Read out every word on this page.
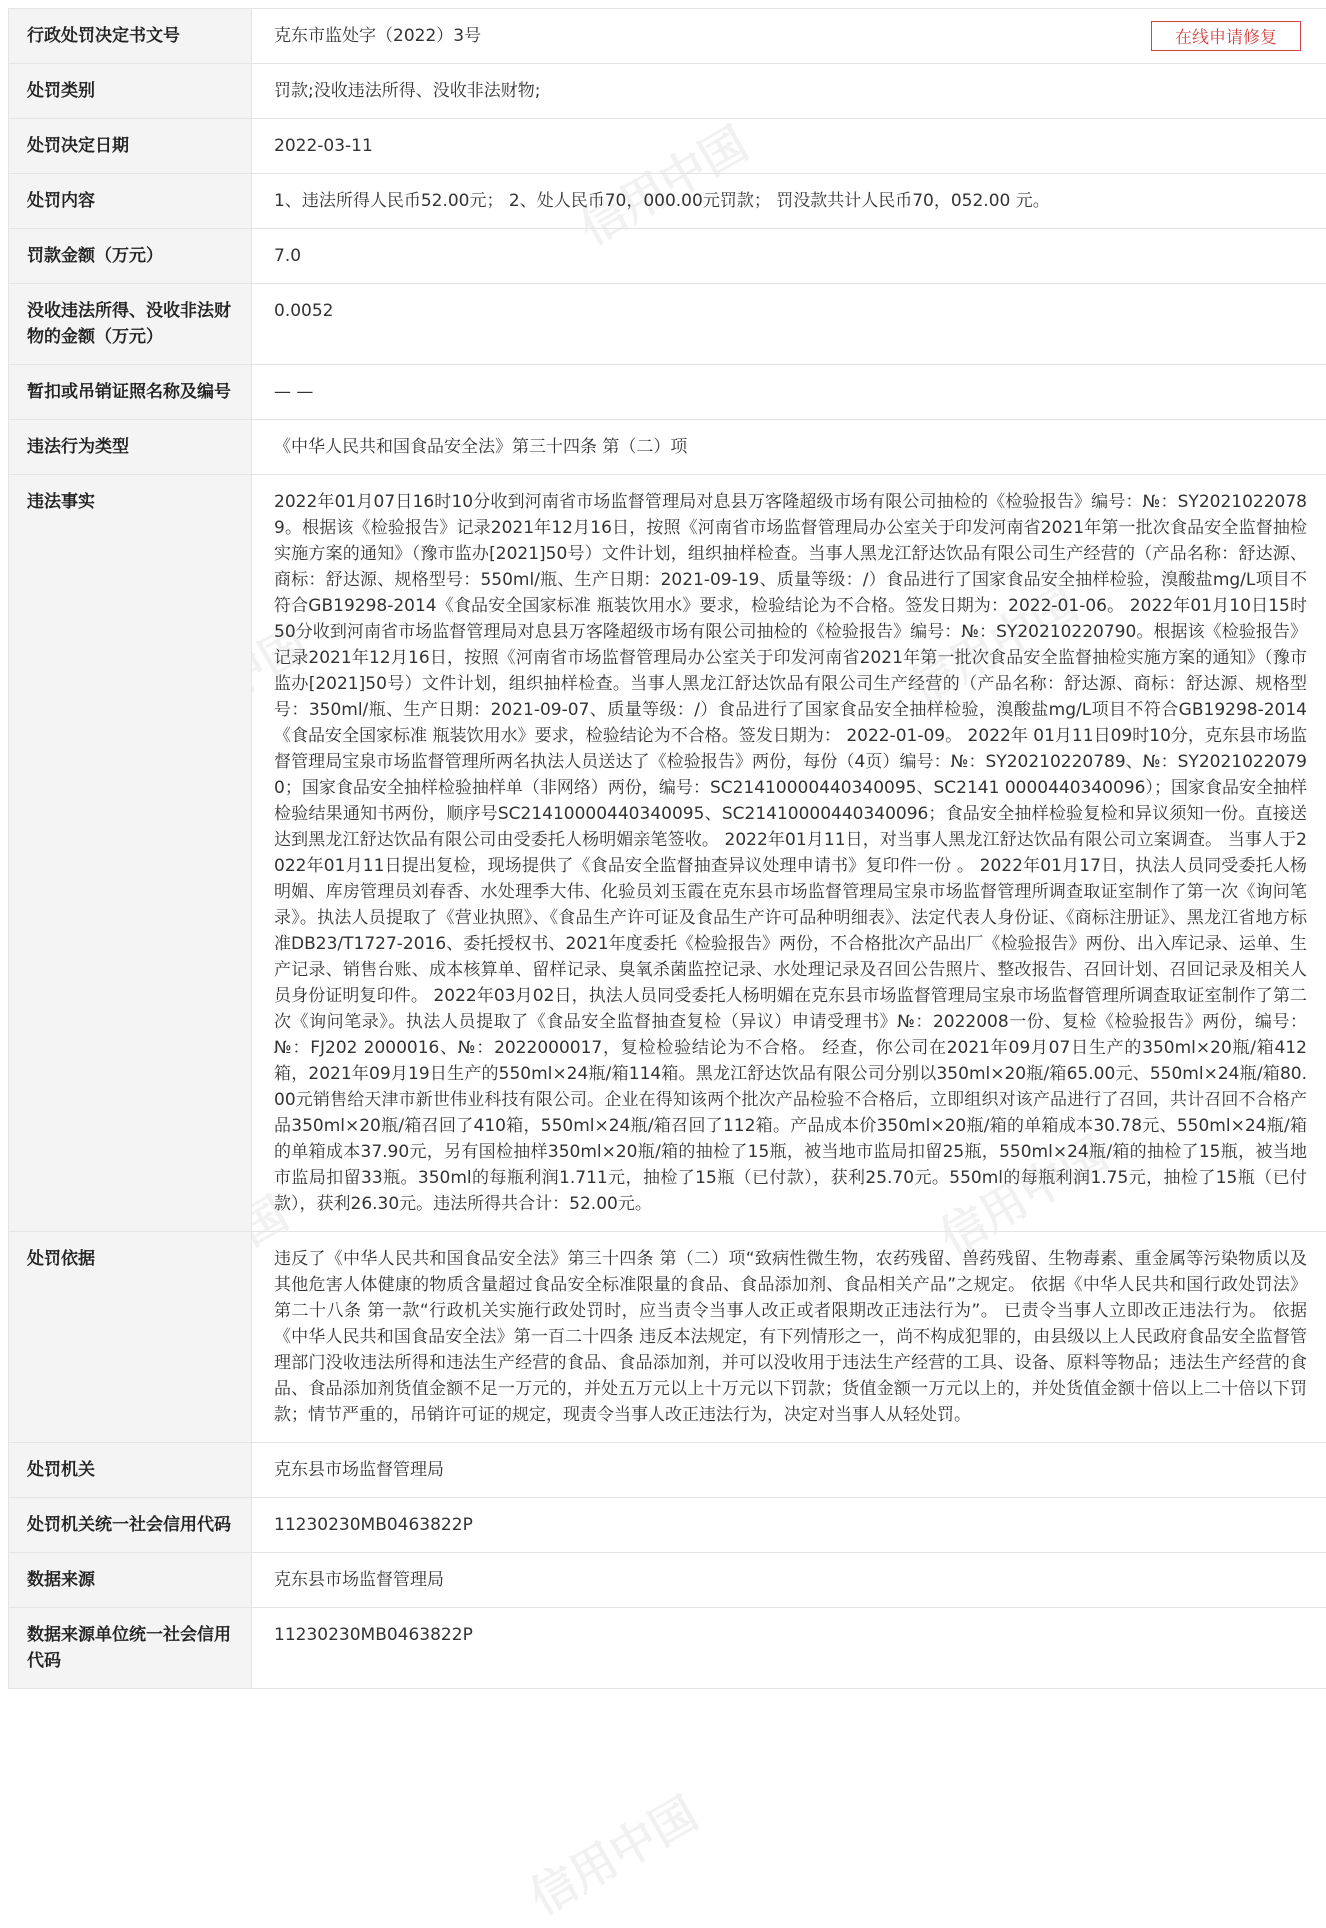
信用中国
信用中国
信用中国
信用中国
行政处罚决定书文号	克东市监处字（2022）3号 在线申请修复

处罚类别	罚款;没收违法所得、没收非法财物;
处罚决定日期	2022-03-11
处罚内容	1、违法所得人民币52.00元； 2、处人民币70，000.00元罚款； 罚没款共计人民币70，052.00 元。
罚款金额（万元）	7.0
没收违法所得、没收非法财物的金额（万元）	0.0052
暂扣或吊销证照名称及编号	— —
违法行为类型	《中华人民共和国食品安全法》第三十四条 第（二）项
违法事实	2022年01月07日16时10分收到河南省市场监督管理局对息县万客隆超级市场有限公司抽检的《检验报告》编号：№：SY20210220789。根据该《检验报告》记录2021年12月16日，按照《河南省市场监督管理局办公室关于印发河南省2021年第一批次食品安全监督抽检实施方案的通知》（豫市监办[2021]50号）文件计划，组织抽样检查。当事人黑龙江舒达饮品有限公司生产经营的（产品名称：舒达源、商标：舒达源、规格型号：550ml/瓶、生产日期：2021-09-19、质量等级：/）食品进行了国家食品安全抽样检验，溴酸盐mg/L项目不符合GB19298-2014《食品安全国家标准 瓶装饮用水》要求，检验结论为不合格。签发日期为：2022-01-06。 2022年01月10日15时50分收到河南省市场监督管理局对息县万客隆超级市场有限公司抽检的《检验报告》编号：№：SY20210220790。根据该《检验报告》记录2021年12月16日，按照《河南省市场监督管理局办公室关于印发河南省2021年第一批次食品安全监督抽检实施方案的通知》（豫市监办[2021]50号）文件计划，组织抽样检查。当事人黑龙江舒达饮品有限公司生产经营的（产品名称：舒达源、商标：舒达源、规格型号：350ml/瓶、生产日期：2021-09-07、质量等级：/）食品进行了国家食品安全抽样检验，溴酸盐mg/L项目不符合GB19298-2014《食品安全国家标准 瓶装饮用水》要求，检验结论为不合格。签发日期为： 2022-01-09。 2022年 01月11日09时10分，克东县市场监督管理局宝泉市场监督管理所两名执法人员送达了《检验报告》两份，每份（4页）编号：№：SY20210220789、№：SY20210220790；国家食品安全抽样检验抽样单（非网络）两份，编号：SC21410000440340095、SC2141 0000440340096）；国家食品安全抽样检验结果通知书两份，顺序号SC21410000440340095、SC21410000440340096；食品安全抽样检验复检和异议须知一份。直接送达到黑龙江舒达饮品有限公司由受委托人杨明媚亲笔签收。 2022年01月11日，对当事人黑龙江舒达饮品有限公司立案调查。 当事人于2022年01月11日提出复检，现场提供了《食品安全监督抽查异议处理申请书》复印件一份 。 2022年01月17日，执法人员同受委托人杨明媚、库房管理员刘春香、水处理季大伟、化验员刘玉霞在克东县市场监督管理局宝泉市场监督管理所调查取证室制作了第一次《询问笔录》。执法人员提取了《营业执照》、《食品生产许可证及食品生产许可品种明细表》、法定代表人身份证、《商标注册证》、黑龙江省地方标准DB23/T1727-2016、委托授权书、2021年度委托《检验报告》两份，不合格批次产品出厂《检验报告》两份、出入库记录、运单、生产记录、销售台账、成本核算单、留样记录、臭氧杀菌监控记录、水处理记录及召回公告照片、整改报告、召回计划、召回记录及相关人员身份证明复印件。 2022年03月02日，执法人员同受委托人杨明媚在克东县市场监督管理局宝泉市场监督管理所调查取证室制作了第二次《询问笔录》。执法人员提取了《食品安全监督抽查复检（异议）申请受理书》№：2022008一份、复检《检验报告》两份，编号：№：FJ202 2000016、№：2022000017，复检检验结论为不合格。 经查，你公司在2021年09月07日生产的350ml×20瓶/箱412箱，2021年09月19日生产的550ml×24瓶/箱114箱。黑龙江舒达饮品有限公司分别以350ml×20瓶/箱65.00元、550ml×24瓶/箱80.00元销售给天津市新世伟业科技有限公司。企业在得知该两个批次产品检验不合格后，立即组织对该产品进行了召回，共计召回不合格产品350ml×20瓶/箱召回了410箱，550ml×24瓶/箱召回了112箱。产品成本价350ml×20瓶/箱的单箱成本30.78元、550ml×24瓶/箱的单箱成本37.90元，另有国检抽样350ml×20瓶/箱的抽检了15瓶，被当地市监局扣留25瓶，550ml×24瓶/箱的抽检了15瓶，被当地市监局扣留33瓶。350ml的每瓶利润1.711元，抽检了15瓶（已付款），获利25.70元。550ml的每瓶利润1.75元，抽检了15瓶（已付款），获利26.30元。违法所得共合计：52.00元。
处罚依据	违反了《中华人民共和国食品安全法》第三十四条 第（二）项“致病性微生物，农药残留、兽药残留、生物毒素、重金属等污染物质以及其他危害人体健康的物质含量超过食品安全标准限量的食品、食品添加剂、食品相关产品”之规定。 依据《中华人民共和国行政处罚法》第二十八条 第一款“行政机关实施行政处罚时，应当责令当事人改正或者限期改正违法行为”。 已责令当事人立即改正违法行为。 依据《中华人民共和国食品安全法》第一百二十四条 违反本法规定，有下列情形之一，尚不构成犯罪的，由县级以上人民政府食品安全监督管理部门没收违法所得和违法生产经营的食品、食品添加剂，并可以没收用于违法生产经营的工具、设备、原料等物品；违法生产经营的食品、食品添加剂货值金额不足一万元的，并处五万元以上十万元以下罚款；货值金额一万元以上的，并处货值金额十倍以上二十倍以下罚款；情节严重的，吊销许可证的规定，现责令当事人改正违法行为，决定对当事人从轻处罚。
处罚机关	克东县市场监督管理局
处罚机关统一社会信用代码	11230230MB0463822P
数据来源	克东县市场监督管理局
数据来源单位统一社会信用代码	11230230MB0463822P
